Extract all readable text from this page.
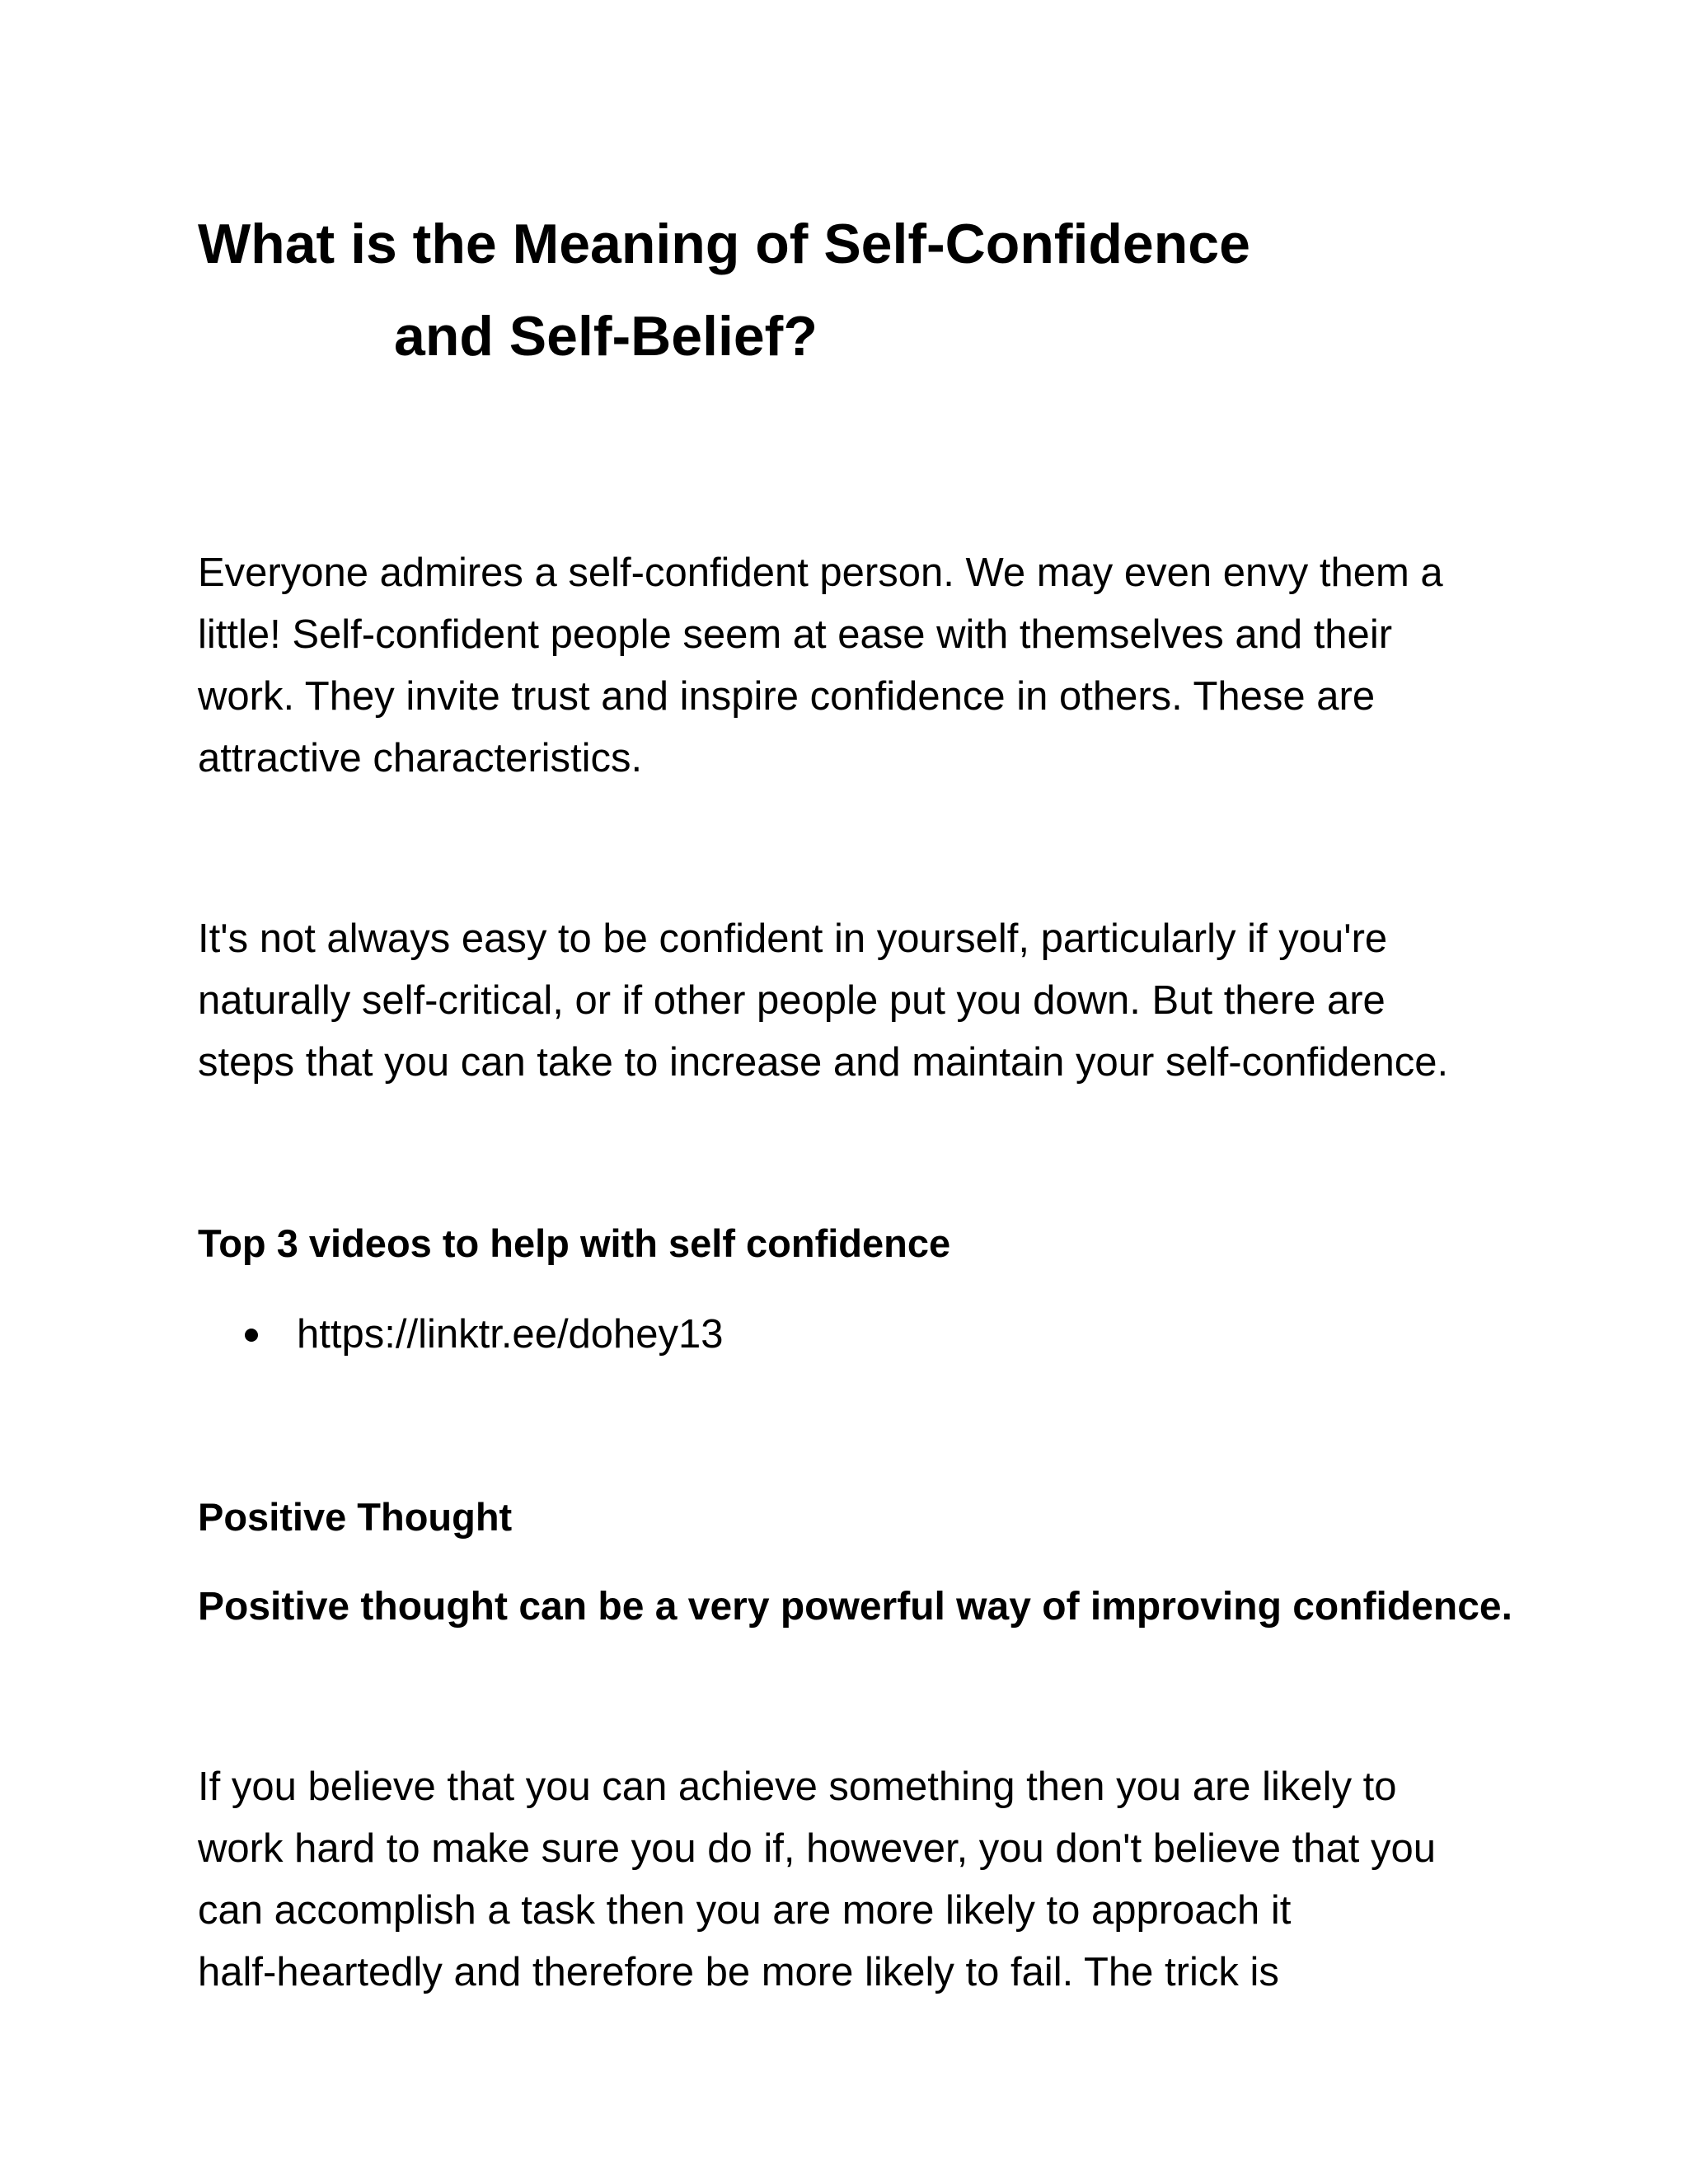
What is the Meaning of Self-Confidence
and Self-Belief?

Everyone admires a self-confident person. We may even envy them a
little! Self-confident people seem at ease with themselves and their
work. They invite trust and inspire confidence in others. These are
attractive characteristics.

It's not always easy to be confident in yourself, particularly if you're
naturally self-critical, or if other people put you down. But there are
steps that you can take to increase and maintain your self-confidence.

Top 3 videos to help with self confidence

https://linktr.ee/dohey13

Positive Thought

Positive thought can be a very powerful way of improving confidence.

If you believe that you can achieve something then you are likely to
work hard to make sure you do if, however, you don't believe that you
can accomplish a task then you are more likely to approach it
half-heartedly and therefore be more likely to fail. The trick is
